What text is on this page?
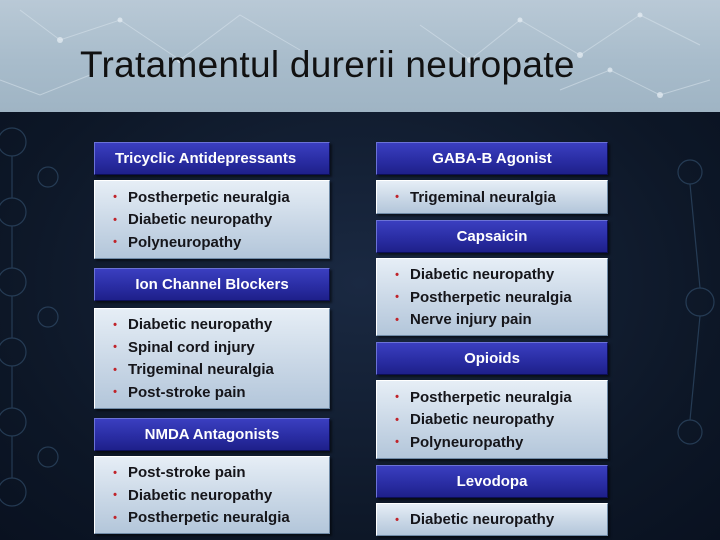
Tratamentul durerii neuropate
Tricyclic Antidepressants
• Postherpetic neuralgia
• Diabetic neuropathy
• Polyneuropathy
Ion Channel Blockers
• Diabetic neuropathy
• Spinal cord injury
• Trigeminal neuralgia
• Post-stroke pain
NMDA Antagonists
• Post-stroke pain
• Diabetic neuropathy
• Postherpetic neuralgia
GABA-B Agonist
• Trigeminal neuralgia
Capsaicin
• Diabetic neuropathy
• Postherpetic neuralgia
• Nerve injury pain
Opioids
• Postherpetic neuralgia
• Diabetic neuropathy
• Polyneuropathy
Levodopa
• Diabetic neuropathy
